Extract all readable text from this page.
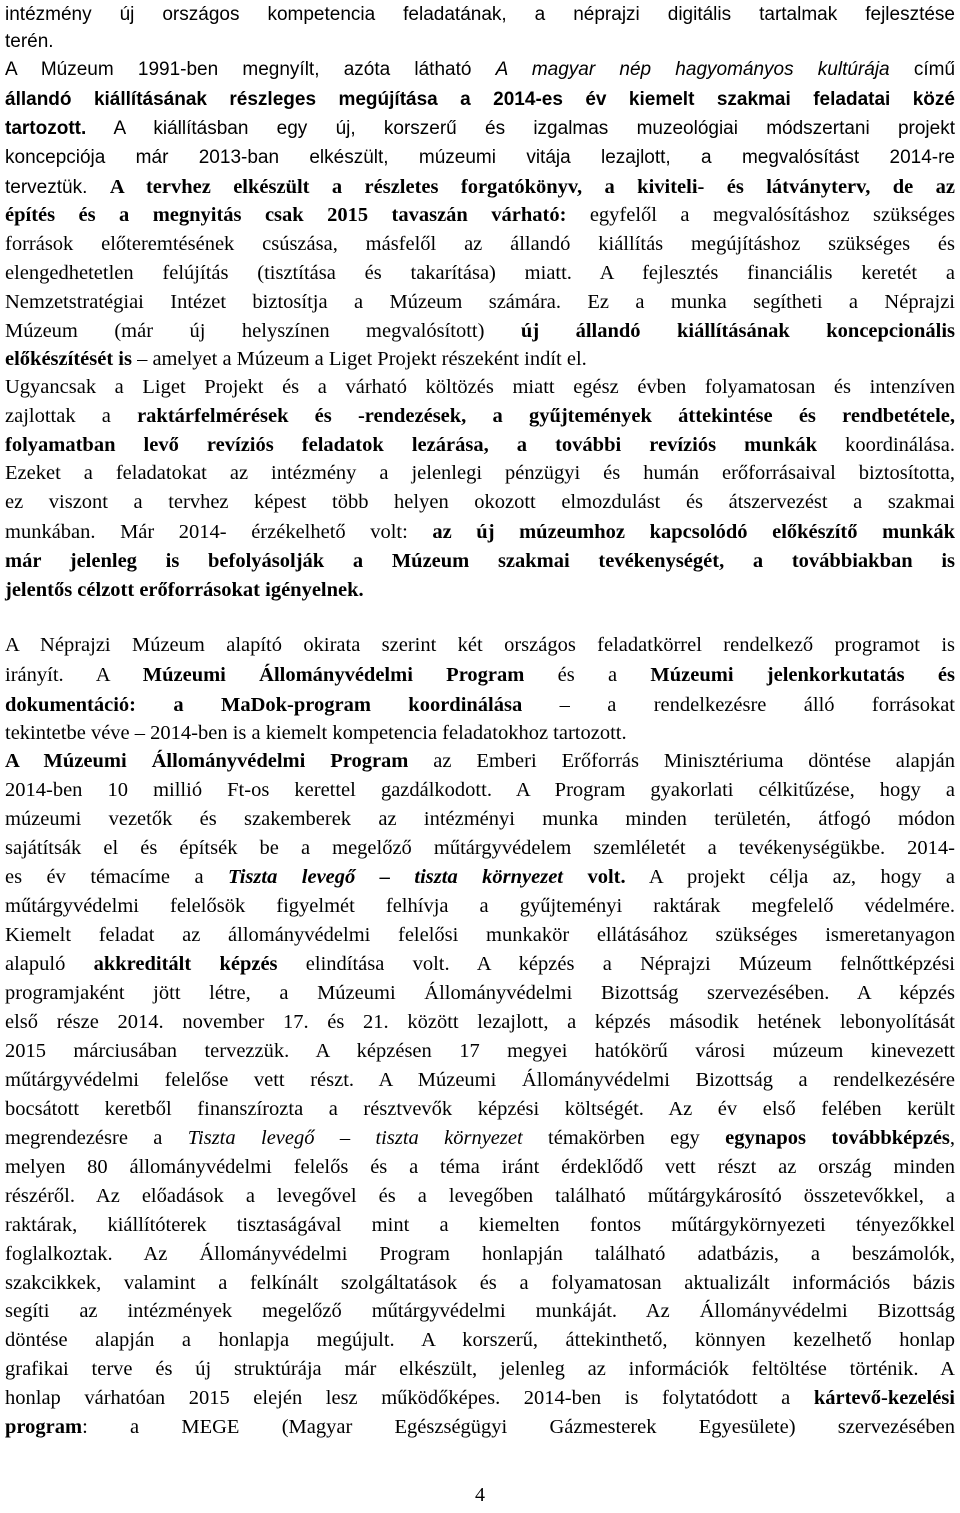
intézmény új országos kompetencia feladatának, a néprajzi digitális tartalmak fejlesztése
terén.
A Múzeum 1991-ben megnyílt, azóta látható A magyar nép hagyományos kultúrája című
állandó kiállításának részleges megújítása a 2014-es év kiemelt szakmai feladatai közé
tartozott. A kiállításban egy új, korszerű és izgalmas muzeológiai módszertani projekt
koncepciója már 2013-ban elkészült, múzeumi vitája lezajlott, a megvalósítást 2014-re
terveztük. A tervhez elkészült a részletes forgatókönyv, a kiviteli- és látványterv, de az
építés és a megnyitás csak 2015 tavaszán várható: egyfelől a megvalósításhoz szükséges
források előteremtésének csúszása, másfelől az állandó kiállítás megújításhoz szükséges és
elengedhetetlen felújítás (tisztítása és takarítása) miatt. A fejlesztés financiális keretét a
Nemzetstratégiai Intézet biztosítja a Múzeum számára. Ez a munka segítheti a Néprajzi
Múzeum (már új helyszínen megvalósított) új állandó kiállításának koncepcionális
előkészítését is – amelyet a Múzeum a Liget Projekt részeként indít el.
Ugyancsak a Liget Projekt és a várható költözés miatt egész évben folyamatosan és intenzíven
zajlottak a raktárfelmérések és -rendezések, a gyűjtemények áttekintése és rendbetétele,
folyamatban levő revíziós feladatok lezárása, a további revíziós munkák koordinálása.
Ezeket a feladatokat az intézmény a jelenlegi pénzügyi és humán erőforrásaival biztosította,
ez viszont a tervhez képest több helyen okozott elmozdulást és átszervezést a szakmai
munkában. Már 2014- érzékelhető volt: az új múzeumhoz kapcsolódó előkészítő munkák
már jelenleg is befolyásolják a Múzeum szakmai tevékenységét, a továbbiakban is
jelentős célzott erőforrásokat igényelnek.
A Néprajzi Múzeum alapító okirata szerint két országos feladatkörrel rendelkező programot is
irányít. A Múzeumi Állományvédelmi Program és a Múzeumi jelenkorkutatás és
dokumentáció: a MaDok-program koordinálása – a rendelkezésre álló forrásokat
tekintetbe véve – 2014-ben is a kiemelt kompetencia feladatokhoz tartozott.
A Múzeumi Állományvédelmi Program az Emberi Erőforrás Minisztériuma döntése alapján
2014-ben 10 millió Ft-os kerettel gazdálkodott. A Program gyakorlati célkitűzése, hogy a
múzeumi vezetők és szakemberek az intézményi munka minden területén, átfogó módon
sajátítsák el és építsék be a megelőző műtárgyvédelem szemléletét a tevékenységükbe. 2014-
es év témacíme a Tiszta levegő – tiszta környezet volt. A projekt célja az, hogy a
műtárgyvédelmi felelősök figyelmét felhívja a gyűjteményi raktárak megfelelő védelmére.
Kiemelt feladat az állományvédelmi felelősi munkakör ellátásához szükséges ismeretanyagon
alapuló akkreditált képzés elindítása volt. A képzés a Néprajzi Múzeum felnőttképzési
programjaként jött létre, a Múzeumi Állományvédelmi Bizottság szervezésében. A képzés
első része 2014. november 17. és 21. között lezajlott, a képzés második hetének lebonyolítását
2015 márciusában tervezzük. A képzésen 17 megyei hatókörű városi múzeum kinevezett
műtárgyvédelmi felelőse vett részt. A Múzeumi Állományvédelmi Bizottság a rendelkezésére
bocsátott keretből finanszírozta a résztvevők képzési költségét. Az év első felében került
megrendezésre a Tiszta levegő – tiszta környezet témakörben egy egynapos továbbképzés,
melyen 80 állományvédelmi felelős és a téma iránt érdeklődő vett részt az ország minden
részéről. Az előadások a levegővel és a levegőben található műtárgykárosító összetevőkkel, a
raktárak, kiállítóterek tisztaságával mint a kiemelten fontos műtárgykörnyezeti tényezőkkel
foglalkoztak. Az Állományvédelmi Program honlapján található adatbázis, a beszámolók,
szakcikkek, valamint a felkínált szolgáltatások és a folyamatosan aktualizált információs bázis
segíti az intézmények megelőző műtárgyvédelmi munkáját. Az Állományvédelmi Bizottság
döntése alapján a honlapja megújult. A korszerű, áttekinthető, könnyen kezelhető honlap
grafikai terve és új struktúrája már elkészült, jelenleg az információk feltöltése történik. A
honlap várhatóan 2015 elején lesz működőképes. 2014-ben is folytatódott a kártevő-kezelési
program: a MEGE (Magyar Egészségügyi Gázmesterek Egyesülete) szervezésében
4
